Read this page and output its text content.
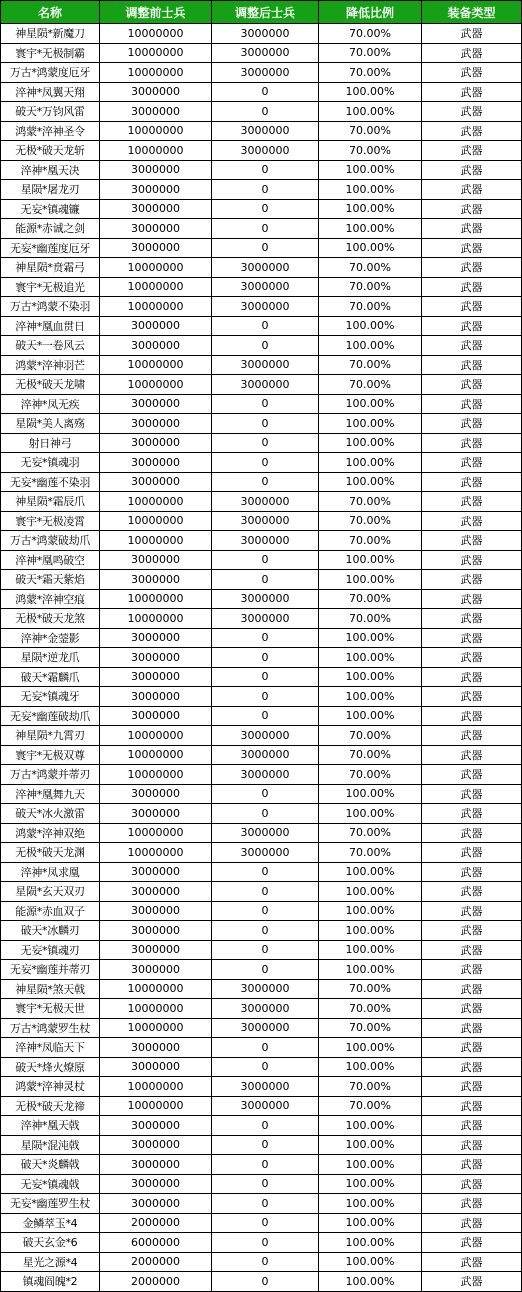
名称	调整前士兵	调整后士兵	降低比例	装备类型
神星陨*新魔刀	10000000	3000000	70.00%	武器
寰宇*无极制霸	10000000	3000000	70.00%	武器
万古*鸿蒙度厄牙	10000000	3000000	70.00%	武器
淬神*凤翼天翔	3000000	0	100.00%	武器
破天*万钧风雷	3000000	0	100.00%	武器
鸿蒙*淬神圣令	10000000	3000000	70.00%	武器
无极*破天龙斩	10000000	3000000	70.00%	武器
淬神*凰天决	3000000	0	100.00%	武器
星陨*屠龙刃	3000000	0	100.00%	武器
无妄*镇魂镰	3000000	0	100.00%	武器
能源*赤诚之剑	3000000	0	100.00%	武器
无妄*幽莲度厄牙	3000000	0	100.00%	武器
神星陨*贲霜弓	10000000	3000000	70.00%	武器
寰宇*无极追光	10000000	3000000	70.00%	武器
万古*鸿蒙不染羽	10000000	3000000	70.00%	武器
淬神*凰血贯日	3000000	0	100.00%	武器
破天*一卷风云	3000000	0	100.00%	武器
鸿蒙*淬神羽芒	10000000	3000000	70.00%	武器
无极*破天龙啸	10000000	3000000	70.00%	武器
淬神*凤无疾	3000000	0	100.00%	武器
星陨*美人离殇	3000000	0	100.00%	武器
射日神弓	3000000	0	100.00%	武器
无妄*镇魂羽	3000000	0	100.00%	武器
无妄*幽莲不染羽	3000000	0	100.00%	武器
神星陨*霜辰爪	10000000	3000000	70.00%	武器
寰宇*无极凌霄	10000000	3000000	70.00%	武器
万古*鸿蒙破劫爪	10000000	3000000	70.00%	武器
淬神*凰鸣破空	3000000	0	100.00%	武器
破天*霜天紫焰	3000000	0	100.00%	武器
鸿蒙*淬神空痕	10000000	3000000	70.00%	武器
无极*破天龙煞	10000000	3000000	70.00%	武器
淬神*金蓥影	3000000	0	100.00%	武器
星陨*逆龙爪	3000000	0	100.00%	武器
破天*霜麟爪	3000000	0	100.00%	武器
无妄*镇魂牙	3000000	0	100.00%	武器
无妄*幽莲破劫爪	3000000	0	100.00%	武器
神星陨*九霄刃	10000000	3000000	70.00%	武器
寰宇*无极双尊	10000000	3000000	70.00%	武器
万古*鸿蒙并蒂刃	10000000	3000000	70.00%	武器
淬神*凰舞九天	3000000	0	100.00%	武器
破天*冰火激雷	3000000	0	100.00%	武器
鸿蒙*淬神双绝	10000000	3000000	70.00%	武器
无极*破天龙渊	10000000	3000000	70.00%	武器
淬神*凤求凰	3000000	0	100.00%	武器
星陨*玄天双刃	3000000	0	100.00%	武器
能源*赤血双子	3000000	0	100.00%	武器
破天*冰麟刃	3000000	0	100.00%	武器
无妄*镇魂刃	3000000	0	100.00%	武器
无妄*幽莲并蒂刃	3000000	0	100.00%	武器
神星陨*煞天戟	10000000	3000000	70.00%	武器
寰宇*无极天世	10000000	3000000	70.00%	武器
万古*鸿蒙罗生杖	10000000	3000000	70.00%	武器
淬神*凤临天下	3000000	0	100.00%	武器
破天*烽火燎原	3000000	0	100.00%	武器
鸿蒙*淬神灵杖	10000000	3000000	70.00%	武器
无极*破天龙禘	10000000	3000000	70.00%	武器
淬神*凰天戟	3000000	0	100.00%	武器
星陨*混沌戟	3000000	0	100.00%	武器
破天*炎麟戟	3000000	0	100.00%	武器
无妄*镇魂戟	3000000	0	100.00%	武器
无妄*幽莲罗生杖	3000000	0	100.00%	武器
金鳞萃玉*4	2000000	0	100.00%	武器
破天玄金*6	6000000	0	100.00%	武器
星光之源*4	2000000	0	100.00%	武器
镇魂阎魄*2	2000000	0	100.00%	武器
